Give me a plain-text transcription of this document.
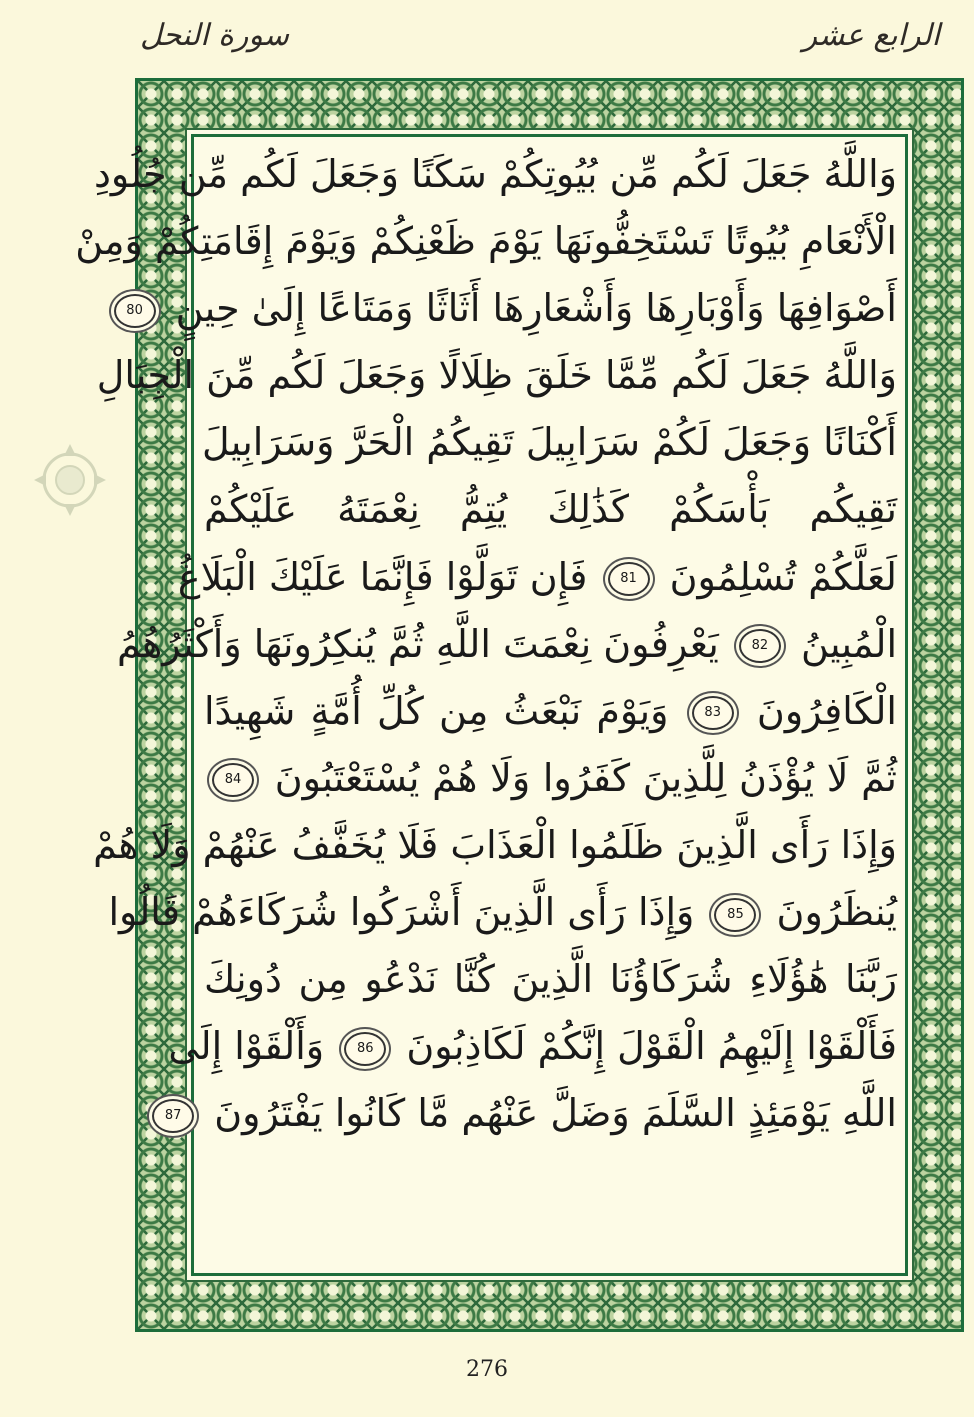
الرابع عشر
سورة النحل
وَاللَّهُ جَعَلَ لَكُم مِّن بُيُوتِكُمْ سَكَنًا وَجَعَلَ لَكُم مِّن جُلُودِ
الْأَنْعَامِ بُيُوتًا تَسْتَخِفُّونَهَا يَوْمَ ظَعْنِكُمْ وَيَوْمَ إِقَامَتِكُمْ وَمِنْ
أَصْوَافِهَا وَأَوْبَارِهَا وَأَشْعَارِهَا أَثَاثًا وَمَتَاعًا إِلَىٰ حِينٍ 80
وَاللَّهُ جَعَلَ لَكُم مِّمَّا خَلَقَ ظِلَالًا وَجَعَلَ لَكُم مِّنَ الْجِبَالِ
أَكْنَانًا وَجَعَلَ لَكُمْ سَرَابِيلَ تَقِيكُمُ الْحَرَّ وَسَرَابِيلَ
تَقِيكُم بَأْسَكُمْ كَذَٰلِكَ يُتِمُّ نِعْمَتَهُ عَلَيْكُمْ
لَعَلَّكُمْ تُسْلِمُونَ 81 فَإِن تَوَلَّوْا فَإِنَّمَا عَلَيْكَ الْبَلَاغُ
الْمُبِينُ 82 يَعْرِفُونَ نِعْمَتَ اللَّهِ ثُمَّ يُنكِرُونَهَا وَأَكْثَرُهُمُ
الْكَافِرُونَ 83 وَيَوْمَ نَبْعَثُ مِن كُلِّ أُمَّةٍ شَهِيدًا
ثُمَّ لَا يُؤْذَنُ لِلَّذِينَ كَفَرُوا وَلَا هُمْ يُسْتَعْتَبُونَ 84
وَإِذَا رَأَى الَّذِينَ ظَلَمُوا الْعَذَابَ فَلَا يُخَفَّفُ عَنْهُمْ وَلَا هُمْ
يُنظَرُونَ 85 وَإِذَا رَأَى الَّذِينَ أَشْرَكُوا شُرَكَاءَهُمْ قَالُوا
رَبَّنَا هَٰؤُلَاءِ شُرَكَاؤُنَا الَّذِينَ كُنَّا نَدْعُو مِن دُونِكَ
فَأَلْقَوْا إِلَيْهِمُ الْقَوْلَ إِنَّكُمْ لَكَاذِبُونَ 86 وَأَلْقَوْا إِلَى
اللَّهِ يَوْمَئِذٍ السَّلَمَ وَضَلَّ عَنْهُم مَّا كَانُوا يَفْتَرُونَ 87
276
